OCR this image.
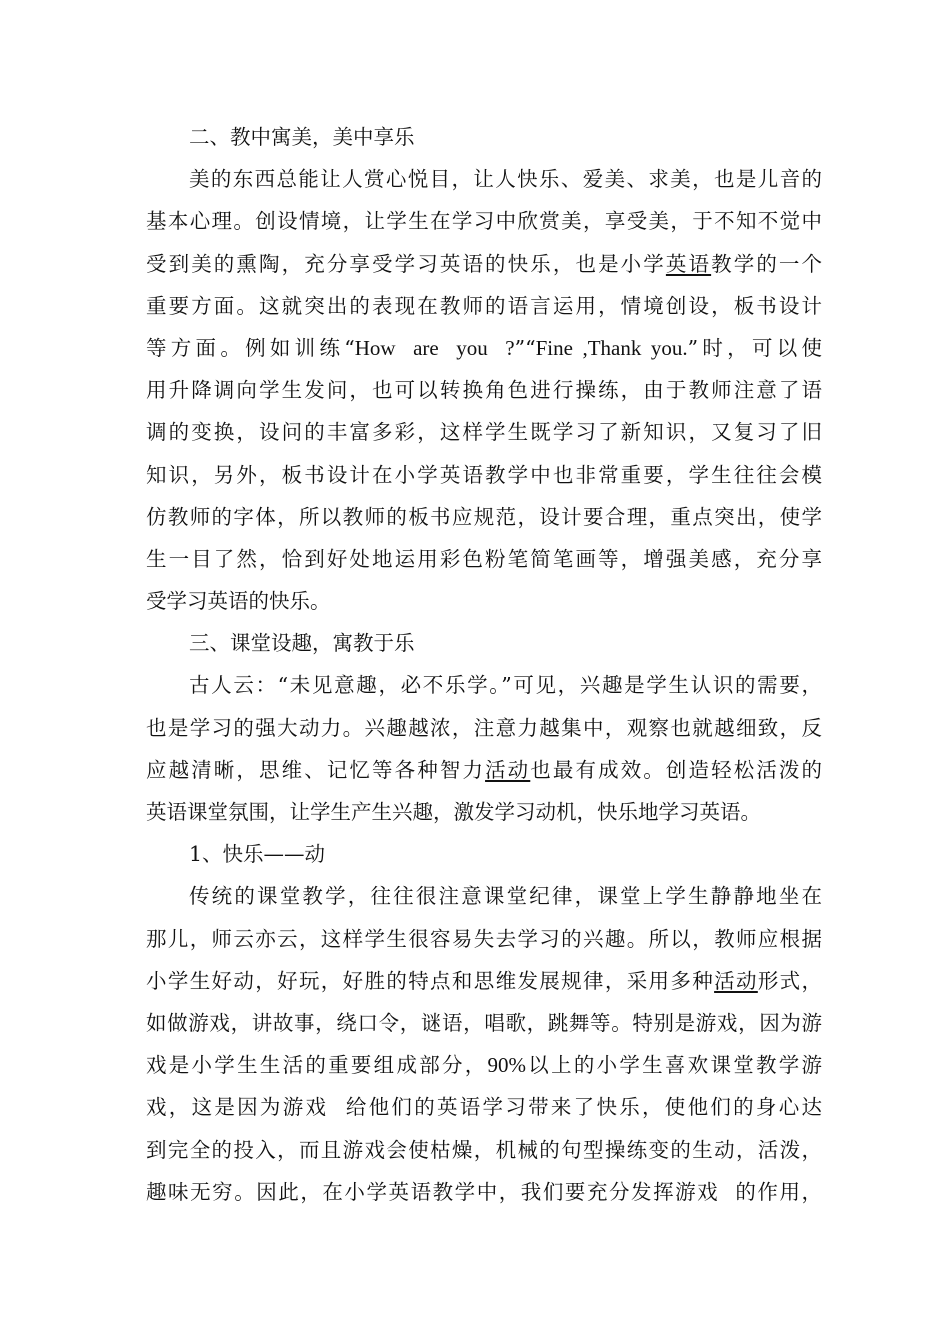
二、教中寓美，美中享乐
美的东西总能让人赏心悦目，让人快乐、爱美、求美，也是儿音的
基本心理。创设情境，让学生在学习中欣赏美，享受美，于不知不觉中
受到美的熏陶，充分享受学习英语的快乐，也是小学英语教学的一个
重要方面。这就突出的表现在教师的语言运用，情境创设，板书设计
等方面。例如训练“How are you ?”“Fine ,Thank you.”时，可以使
用升降调向学生发问，也可以转换角色进行操练，由于教师注意了语
调的变换，设问的丰富多彩，这样学生既学习了新知识，又复习了旧
知识，另外，板书设计在小学英语教学中也非常重要，学生往往会模
仿教师的字体，所以教师的板书应规范，设计要合理，重点突出，使学
生一目了然，恰到好处地运用彩色粉笔简笔画等，增强美感，充分享
受学习英语的快乐。
三、课堂设趣，寓教于乐
古人云：“未见意趣，必不乐学。”可见，兴趣是学生认识的需要，
也是学习的强大动力。兴趣越浓，注意力越集中，观察也就越细致，反
应越清晰，思维、记忆等各种智力活动也最有成效。创造轻松活泼的
英语课堂氛围，让学生产生兴趣，激发学习动机，快乐地学习英语。
1、快乐——动
传统的课堂教学，往往很注意课堂纪律，课堂上学生静静地坐在
那儿，师云亦云，这样学生很容易失去学习的兴趣。所以，教师应根据
小学生好动，好玩，好胜的特点和思维发展规律，采用多种活动形式，
如做游戏，讲故事，绕口令，谜语，唱歌，跳舞等。特别是游戏，因为游
戏是小学生生活的重要组成部分，90%以上的小学生喜欢课堂教学游
戏，这是因为游戏  给他们的英语学习带来了快乐，使他们的身心达
到完全的投入，而且游戏会使枯燥，机械的句型操练变的生动，活泼，
趣味无穷。因此，在小学英语教学中，我们要充分发挥游戏  的作用，
